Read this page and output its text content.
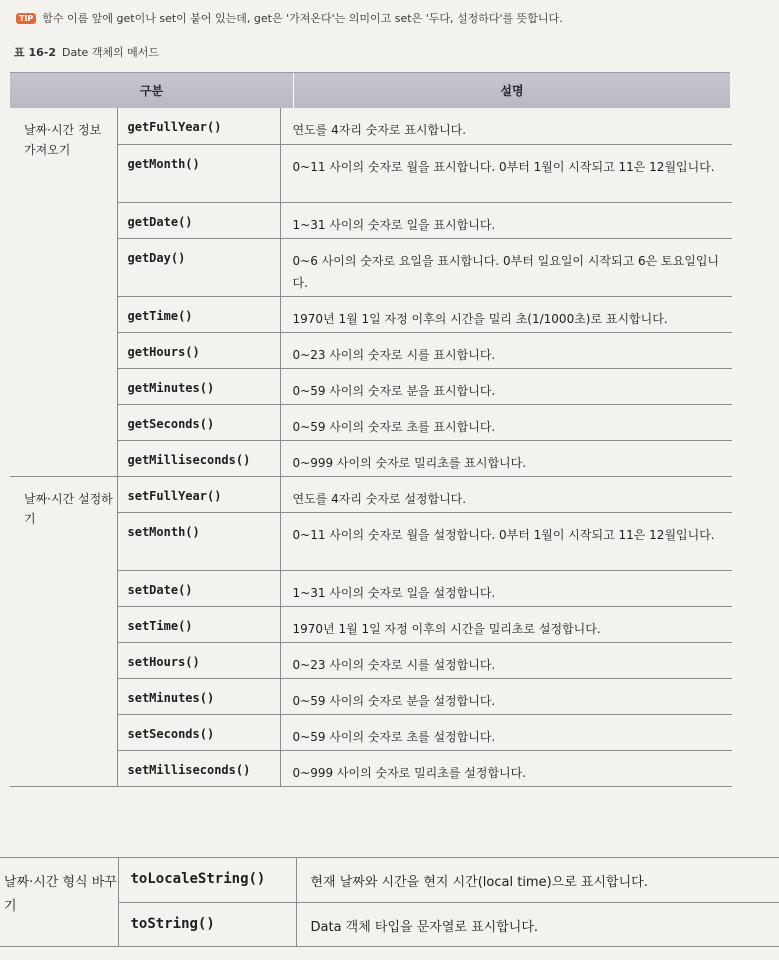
TIP 함수 이름 앞에 get이나 set이 붙어 있는데, get은 '가져온다'는 의미이고 set은 '두다, 설정하다'를 뜻합니다.
표 16-2 Date 객체의 메서드
구분	설명
날짜·시간 정보 가져오기	getFullYear()	연도를 4자리 숫자로 표시합니다.
	getMonth()	0~11 사이의 숫자로 월을 표시합니다. 0부터 1월이 시작되고 11은 12월입니다.
	getDate()	1~31 사이의 숫자로 일을 표시합니다.
	getDay()	0~6 사이의 숫자로 요일을 표시합니다. 0부터 일요일이 시작되고 6은 토요일입니다.
	getTime()	1970년 1월 1일 자정 이후의 시간을 밀리 초(1/1000초)로 표시합니다.
	getHours()	0~23 사이의 숫자로 시를 표시합니다.
	getMinutes()	0~59 사이의 숫자로 분을 표시합니다.
	getSeconds()	0~59 사이의 숫자로 초를 표시합니다.
	getMilliseconds()	0~999 사이의 숫자로 밀리초를 표시합니다.
날짜·시간 설정하기	setFullYear()	연도를 4자리 숫자로 설정합니다.
	setMonth()	0~11 사이의 숫자로 월을 설정합니다. 0부터 1월이 시작되고 11은 12월입니다.
	setDate()	1~31 사이의 숫자로 일을 설정합니다.
	setTime()	1970년 1월 1일 자정 이후의 시간을 밀리초로 설정합니다.
	setHours()	0~23 사이의 숫자로 시를 설정합니다.
	setMinutes()	0~59 사이의 숫자로 분을 설정합니다.
	setSeconds()	0~59 사이의 숫자로 초를 설정합니다.
	setMilliseconds()	0~999 사이의 숫자로 밀리초를 설정합니다.
날짜·시간 형식 바꾸기	toLocaleString()	현재 날짜와 시간을 현지 시간(local time)으로 표시합니다.
	toString()	Data 객체 타입을 문자열로 표시합니다.
